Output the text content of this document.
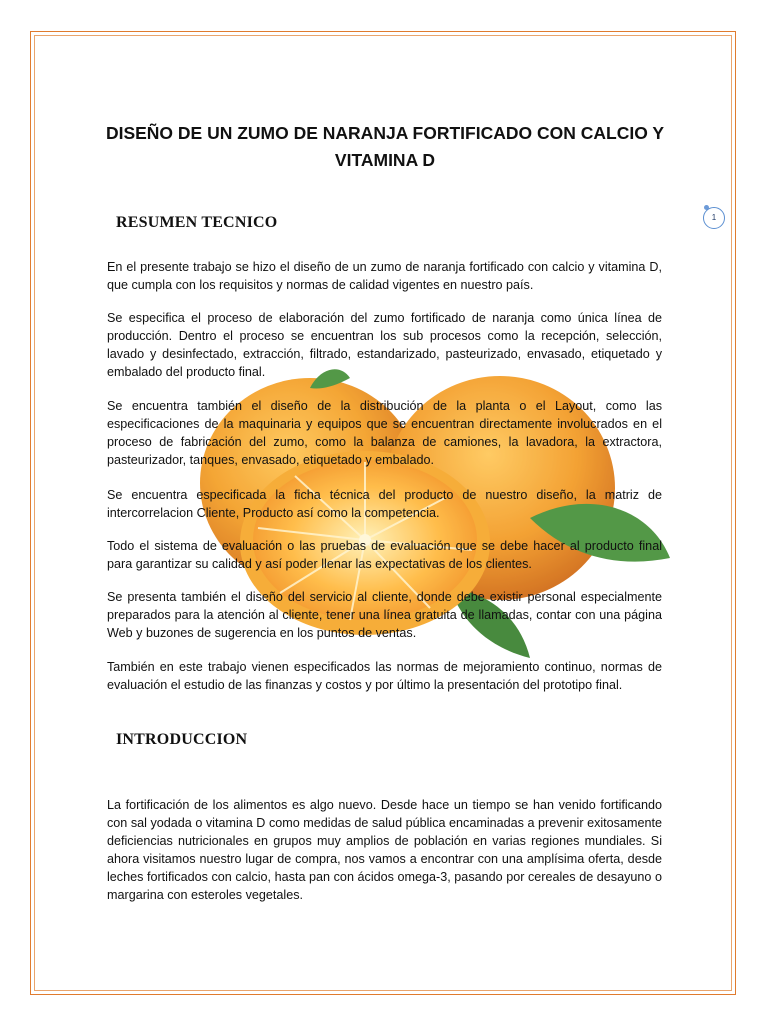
DISEÑO DE UN ZUMO DE NARANJA FORTIFICADO CON CALCIO Y VITAMINA D
1
RESUMEN TECNICO

En el presente trabajo se hizo el diseño de un zumo de naranja fortificado con calcio y vitamina D, que cumpla con los requisitos y normas de calidad vigentes en nuestro país.

Se especifica el proceso de elaboración del zumo fortificado de naranja como única línea de producción. Dentro el proceso se encuentran los sub procesos como la recepción, selección, lavado y desinfectado, extracción, filtrado, estandarizado, pasteurizado, envasado, etiquetado y embalado del producto final.

Se encuentra también el diseño de la distribución de la planta o el Layout, como las especificaciones de la maquinaria y equipos que se encuentran directamente involucrados en el proceso de fabricación del zumo, como la balanza de camiones, la lavadora, la extractora, pasteurizador, tanques, envasado, etiquetado y embalado.

Se encuentra especificada la ficha técnica del producto de nuestro diseño, la matriz de intercorrelacion Cliente, Producto así como la competencia.

Todo el sistema de evaluación o las pruebas de evaluación que se debe hacer al producto final para garantizar su calidad y así poder llenar las expectativas de los clientes.

Se presenta también el diseño del servicio al cliente, donde debe existir personal especialmente preparados para la atención al cliente, tener una línea gratuita de llamadas, contar con una página Web y buzones de sugerencia en los puntos de ventas.

También en este trabajo vienen especificados las normas de mejoramiento continuo, normas de evaluación el estudio de las finanzas y costos y por último la presentación del prototipo final.

INTRODUCCION

La fortificación de los alimentos es algo nuevo. Desde hace un tiempo se han venido fortificando con sal yodada o vitamina D como medidas de salud pública encaminadas a prevenir exitosamente deficiencias nutricionales en grupos muy amplios de población en varias regiones mundiales. Si ahora visitamos nuestro lugar de compra, nos vamos a encontrar con una amplísima oferta, desde leches fortificados con calcio, hasta pan con ácidos omega-3, pasando por cereales de desayuno o margarina con esteroles vegetales.
